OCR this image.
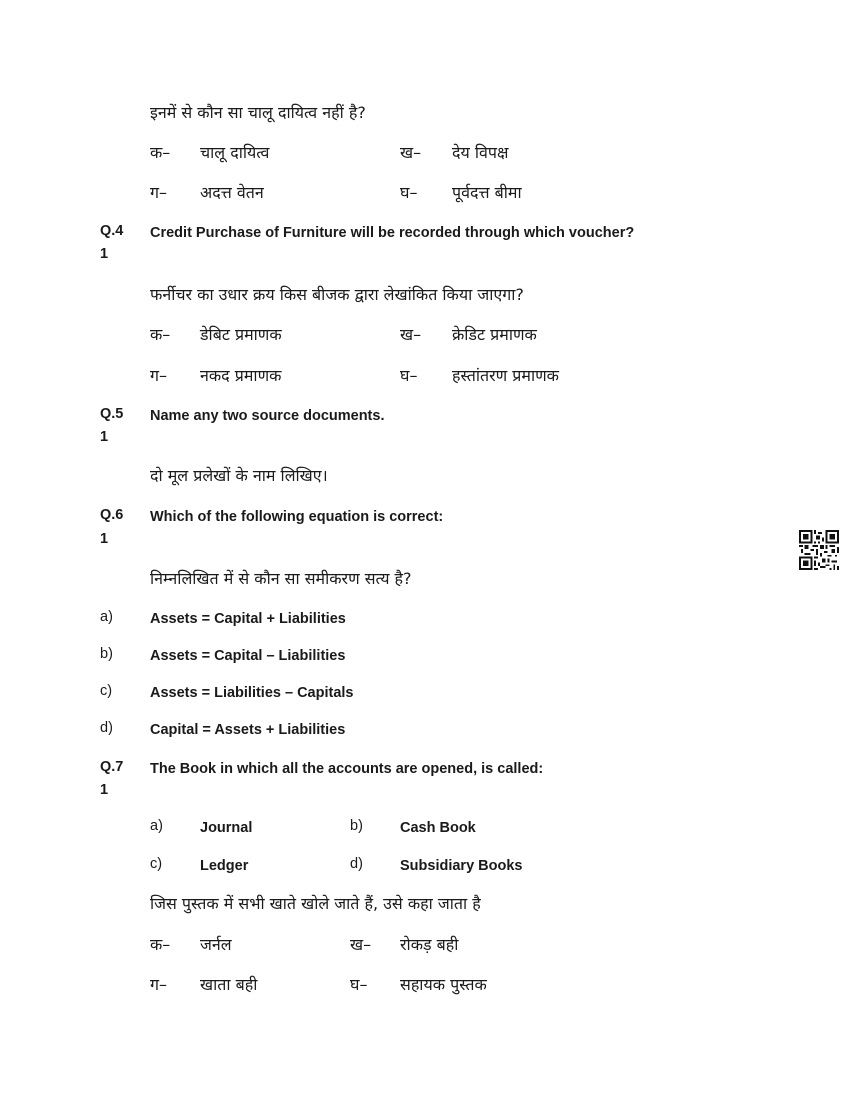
इनमें से कौन सा चालू दायित्व नहीं है?
क– चालू दायित्व	ख– देय विपक्ष
ग– अदत्त वेतन	घ– पूर्वदत्त बीमा
Q.4
1
Credit Purchase of Furniture will be recorded through which voucher?
फर्नीचर का उधार क्रय किस बीजक द्वारा लेखांकित किया जाएगा?
क– डेबिट प्रमाणक	ख– क्रेडिट प्रमाणक
ग– नकद प्रमाणक	घ– हस्तांतरण प्रमाणक
Q.5
1
Name any two source documents.
दो मूल प्रलेखों के नाम लिखिए।
Q.6
1
Which of the following equation is correct:
निम्नलिखित में से कौन सा समीकरण सत्य है?
a)	Assets = Capital + Liabilities
b)	Assets = Capital – Liabilities
c)	Assets = Liabilities – Capitals
d)	Capital = Assets + Liabilities
Q.7
1
The Book in which all the accounts are opened, is called:
a)	Journal	b)	Cash Book
c)	Ledger	d)	Subsidiary Books
जिस पुस्तक में सभी खाते खोले जाते हैं, उसे कहा जाता है
क– जर्नल	ख– रोकड़ बही
ग– खाता बही	घ– सहायक पुस्तक
